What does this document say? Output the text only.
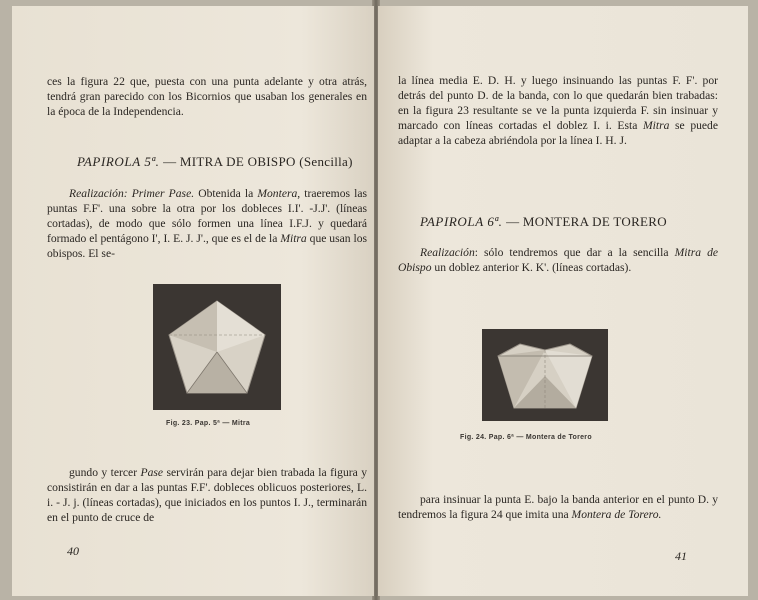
ces la figura 22 que, puesta con una punta adelante y otra atrás, tendrá gran parecido con los Bicornios que usaban los generales en la época de la Independencia.
PAPIROLA 5ª. — MITRA DE OBISPO (Sencilla)
Realización: Primer Pase. Obtenida la Montera, traeremos las puntas F.F'. una sobre la otra por los dobleces I.I'. -J.J'. (líneas cortadas), de modo que sólo formen una línea I.F.J. y quedará formado el pentágono I', I. E. J. J'., que es el de la Mitra que usan los obispos. El se-
Fig. 23. Pap. 5ª — Mitra
gundo y tercer Pase servirán para dejar bien trabada la figura y consistirán en dar a las puntas F.F'. dobleces oblicuos posteriores, L. i. - J. j. (líneas cortadas), que iniciados en los puntos I. J., terminarán en el punto de cruce de
40
la línea media E. D. H. y luego insinuando las puntas F. F'. por detrás del punto D. de la banda, con lo que quedarán bien trabadas: en la figura 23 resultante se ve la punta izquierda F. sin insinuar y marcado con líneas cortadas el doblez I. i. Esta Mitra se puede adaptar a la cabeza abriéndola por la línea I. H. J.
PAPIROLA 6ª. — MONTERA DE TORERO
Realización: sólo tendremos que dar a la sencilla Mitra de Obispo un doblez anterior K. K'. (líneas cortadas).
Fig. 24. Pap. 6ª — Montera de Torero
para insinuar la punta E. bajo la banda anterior en el punto D. y tendremos la figura 24 que imita una Montera de Torero.
41
